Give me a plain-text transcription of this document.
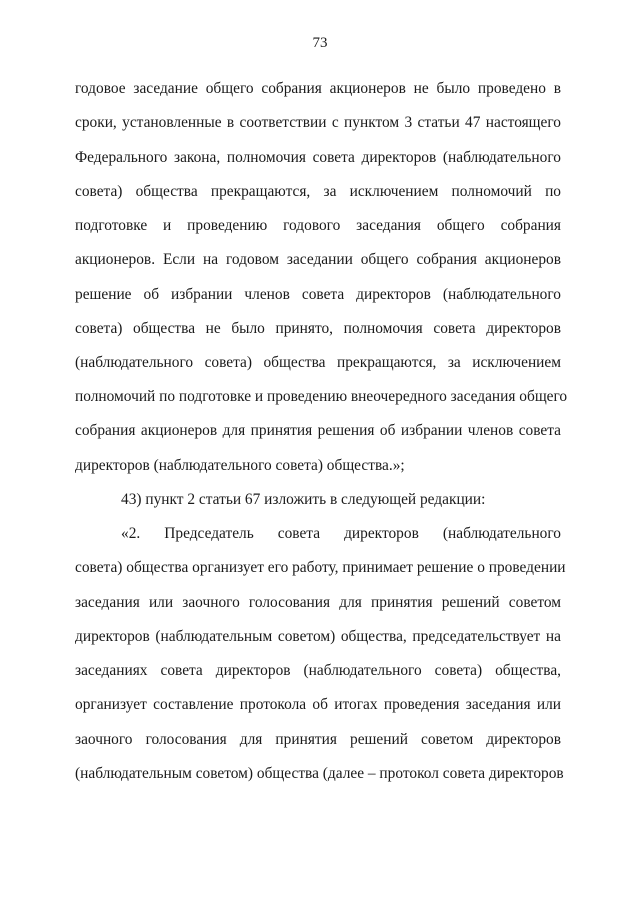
73
годовое заседание общего собрания акционеров не было проведено в
сроки, установленные в соответствии с пунктом 3 статьи 47 настоящего
Федерального закона, полномочия совета директоров (наблюдательного
совета) общества прекращаются, за исключением полномочий по
подготовке и проведению годового заседания общего собрания
акционеров. Если на годовом заседании общего собрания акционеров
решение об избрании членов совета директоров (наблюдательного
совета) общества не было принято, полномочия совета директоров
(наблюдательного совета) общества прекращаются, за исключением
полномочий по подготовке и проведению внеочередного заседания общего
собрания акционеров для принятия решения об избрании членов совета
директоров (наблюдательного совета) общества.»;
43) пункт 2 статьи 67 изложить в следующей редакции:
«2. Председатель совета директоров (наблюдательного
совета) общества организует его работу, принимает решение о проведении
заседания или заочного голосования для принятия решений советом
директоров (наблюдательным советом) общества, председательствует на
заседаниях совета директоров (наблюдательного совета) общества,
организует составление протокола об итогах проведения заседания или
заочного голосования для принятия решений советом директоров
(наблюдательным советом) общества (далее – протокол совета директоров
